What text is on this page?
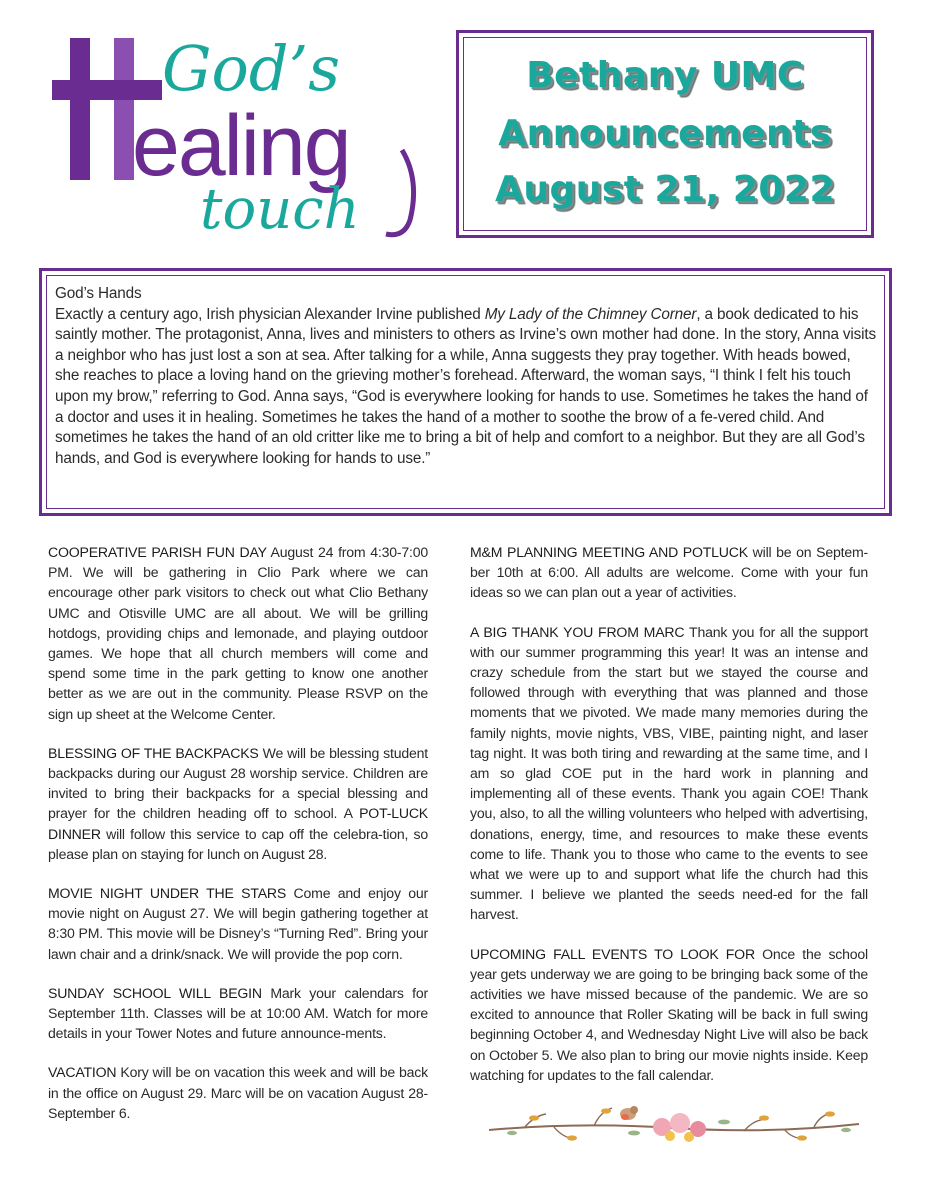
God’s
ealing
touch
Bethany UMC
Announcements
August 21, 2022

God’s Hands

Exactly a century ago, Irish physician Alexander Irvine published My Lady of the Chimney Corner, a book dedicated to his saintly mother. The protagonist, Anna, lives and ministers to others as Irvine’s own mother had done. In the story, Anna visits a neighbor who has just lost a son at sea. After talking for a while, Anna suggests they pray together. With heads bowed, she reaches to place a loving hand on the grieving mother’s forehead. Afterward, the woman says, “I think I felt his touch upon my brow,” referring to God. Anna says, “God is everywhere looking for hands to use. Sometimes he takes the hand of a doctor and uses it in healing. Sometimes he takes the hand of a mother to soothe the brow of a fe-vered child. And sometimes he takes the hand of an old critter like me to bring a bit of help and comfort to a neighbor. But they are all God’s hands, and God is everywhere looking for hands to use.”

COOPERATIVE PARISH FUN DAY August 24 from 4:30-7:00 PM. We will be gathering in Clio Park where we can encourage other park visitors to check out what Clio Bethany UMC and Otisville UMC are all about. We will be grilling hotdogs, providing chips and lemonade, and playing outdoor games. We hope that all church members will come and spend some time in the park getting to know one another better as we are out in the community. Please RSVP on the sign up sheet at the Welcome Center.

BLESSING OF THE BACKPACKS We will be blessing student backpacks during our August 28 worship service. Children are invited to bring their backpacks for a special blessing and prayer for the children heading off to school. A POT-LUCK DINNER will follow this service to cap off the celebra-tion, so please plan on staying for lunch on August 28.

MOVIE NIGHT UNDER THE STARS Come and enjoy our movie night on August 27. We will begin gathering together at 8:30 PM. This movie will be Disney’s “Turning Red”. Bring your lawn chair and a drink/snack. We will provide the pop corn.

SUNDAY SCHOOL WILL BEGIN Mark your calendars for September 11th. Classes will be at 10:00 AM. Watch for more details in your Tower Notes and future announce-ments.

VACATION Kory will be on vacation this week and will be back in the office on August 29. Marc will be on vacation August 28-September 6.

M&M PLANNING MEETING AND POTLUCK will be on Septem-ber 10th at 6:00. All adults are welcome. Come with your fun ideas so we can plan out a year of activities.

A BIG THANK YOU FROM MARC Thank you for all the support with our summer programming this year! It was an intense and crazy schedule from the start but we stayed the course and followed through with everything that was planned and those moments that we pivoted. We made many memories during the family nights, movie nights, VBS, VIBE, painting night, and laser tag night. It was both tiring and rewarding at the same time, and I am so glad COE put in the hard work in planning and implementing all of these events. Thank you again COE! Thank you, also, to all the willing volunteers who helped with advertising, donations, energy, time, and resources to make these events come to life. Thank you to those who came to the events to see what we were up to and support what life the church had this summer. I believe we planted the seeds need-ed for the fall harvest.

UPCOMING FALL EVENTS TO LOOK FOR Once the school year gets underway we are going to be bringing back some of the activities we have missed because of the pandemic. We are so excited to announce that Roller Skating will be back in full swing beginning October 4, and Wednesday Night Live will also be back on October 5. We also plan to bring our movie nights inside. Keep watching for updates to the fall calendar.
